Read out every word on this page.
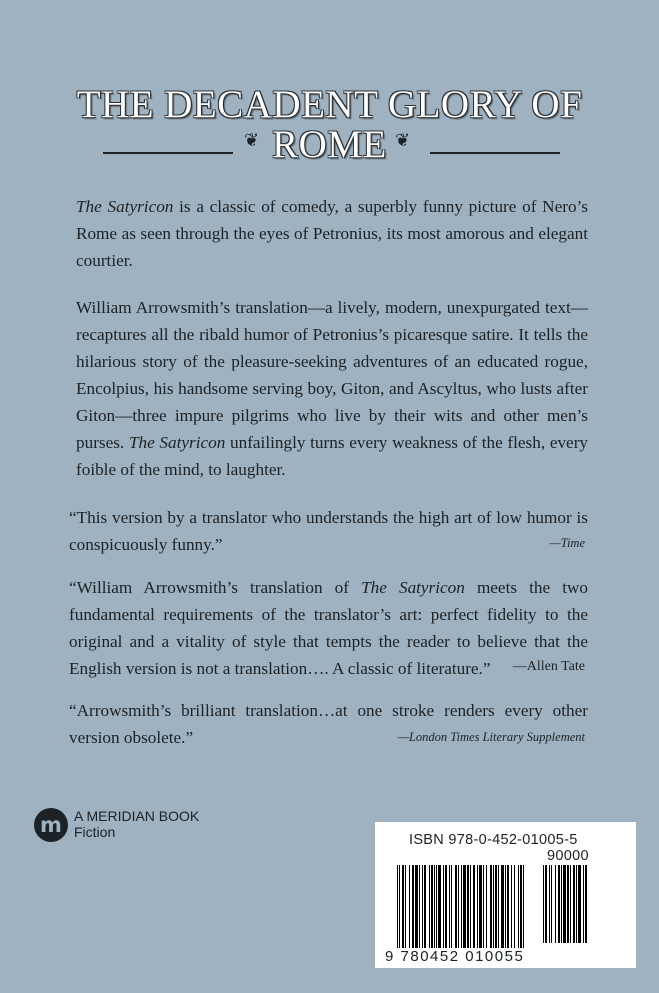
THE DECADENT GLORY OF
❦ ROME ❦
The Satyricon is a classic of comedy, a superbly funny picture of Nero’s Rome as seen through the eyes of Petronius, its most amorous and elegant courtier.
William Arrowsmith’s translation—a lively, modern, unexpurgated text—recaptures all the ribald humor of Petronius’s picaresque satire. It tells the hilarious story of the pleasure-seeking adventures of an educated rogue, Encolpius, his handsome serving boy, Giton, and Ascyltus, who lusts after Giton—three impure pilgrims who live by their wits and other men’s purses. The Satyricon unfailingly turns every weakness of the flesh, every foible of the mind, to laughter.
“This version by a translator who understands the high art of low humor is conspicuously funny.”	—Time
“William Arrowsmith’s translation of The Satyricon meets the two fundamental requirements of the translator’s art: perfect fidelity to the original and a vitality of style that tempts the reader to believe that the English version is not a translation…. A classic of literature.”	—Allen Tate
“Arrowsmith’s brilliant translation…at one stroke renders every other version obsolete.”	—London Times Literary Supplement
m A MERIDIAN BOOK
Fiction	ISBN 978-0-452-01005-5
90000
9 780452 010055
